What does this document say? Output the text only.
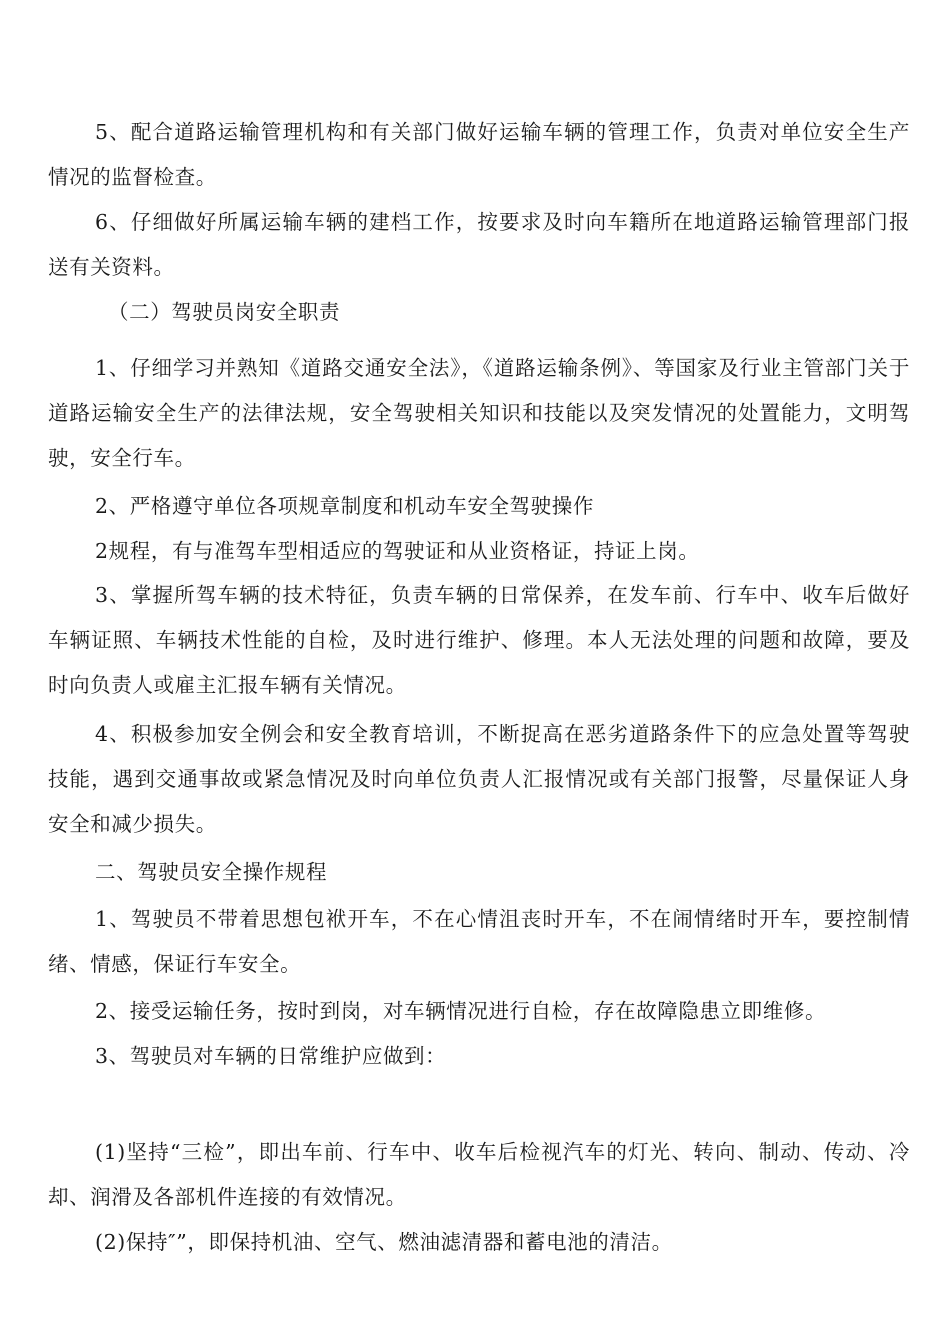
5、配合道路运输管理机构和有关部门做好运输车辆的管理工作，负责对单位安全生产情况的监督检查。

6、仔细做好所属运输车辆的建档工作，按要求及时向车籍所在地道路运输管理部门报送有关资料。

（二）驾驶员岗安全职责

1、仔细学习并熟知《道路交通安全法》，《道路运输条例》、等国家及行业主管部门关于道路运输安全生产的法律法规，安全驾驶相关知识和技能以及突发情况的处置能力，文明驾驶，安全行车。

2、严格遵守单位各项规章制度和机动车安全驾驶操作

2规程，有与准驾车型相适应的驾驶证和从业资格证，持证上岗。

3、掌握所驾车辆的技术特征，负责车辆的日常保养，在发车前、行车中、收车后做好车辆证照、车辆技术性能的自检，及时进行维护、修理。本人无法处理的问题和故障，要及时向负责人或雇主汇报车辆有关情况。

4、积极参加安全例会和安全教育培训，不断捉高在恶劣道路条件下的应急处置等驾驶技能，遇到交通事故或紧急情况及时向单位负责人汇报情况或有关部门报警，尽量保证人身安全和减少损失。

二、驾驶员安全操作规程

1、驾驶员不带着思想包袱开车，不在心情沮丧时开车，不在闹情绪时开车，要控制情绪、情感，保证行车安全。

2、接受运输任务，按时到岗，对车辆情况进行自检，存在故障隐患立即维修。

3、驾驶员对车辆的日常维护应做到：

(1)坚持“三检”，即出车前、行车中、收车后检视汽车的灯光、转向、制动、传动、冷却、润滑及各部机件连接的有效情况。

(2)保持″”，即保持机油、空气、燃油滤清器和蓄电池的清洁。
